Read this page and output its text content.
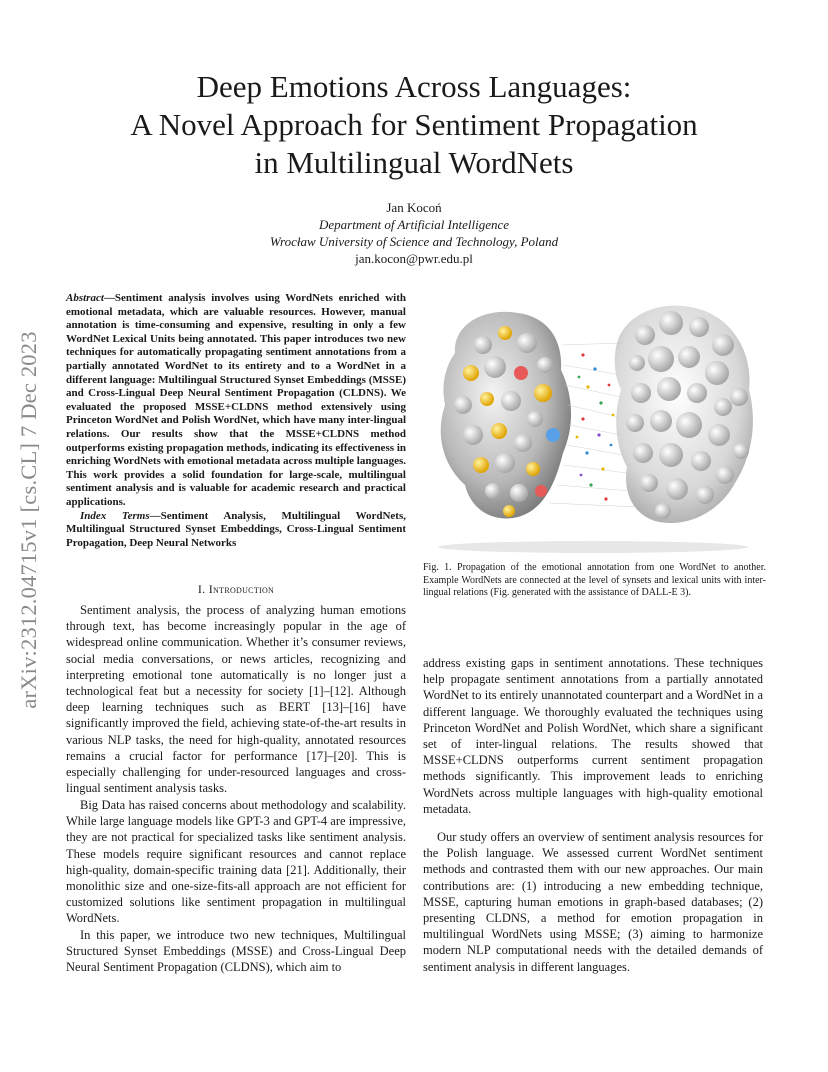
Deep Emotions Across Languages:
A Novel Approach for Sentiment Propagation
in Multilingual WordNets
Jan Kocoń
Department of Artificial Intelligence
Wrocław University of Science and Technology, Poland
jan.kocon@pwr.edu.pl
arXiv:2312.04715v1 [cs.CL] 7 Dec 2023
Abstract—Sentiment analysis involves using WordNets enriched with emotional metadata, which are valuable resources. However, manual annotation is time-consuming and expensive, resulting in only a few WordNet Lexical Units being annotated. This paper introduces two new techniques for automatically propagating sentiment annotations from a partially annotated WordNet to its entirety and to a WordNet in a different language: Multilingual Structured Synset Embeddings (MSSE) and Cross-Lingual Deep Neural Sentiment Propagation (CLDNS). We evaluated the proposed MSSE+CLDNS method extensively using Princeton WordNet and Polish WordNet, which have many inter-lingual relations. Our results show that the MSSE+CLDNS method outperforms existing propagation methods, indicating its effectiveness in enriching WordNets with emotional metadata across multiple languages. This work provides a solid foundation for large-scale, multilingual sentiment analysis and is valuable for academic research and practical applications.
Index Terms—Sentiment Analysis, Multilingual WordNets, Multilingual Structured Synset Embeddings, Cross-Lingual Sentiment Propagation, Deep Neural Networks
I. Introduction
Sentiment analysis, the process of analyzing human emotions through text, has become increasingly popular in the age of widespread online communication. Whether it’s consumer reviews, social media conversations, or news articles, recognizing and interpreting emotional tone automatically is no longer just a technological feat but a necessity for society [1]–[12]. Although deep learning techniques such as BERT [13]–[16] have significantly improved the field, achieving state-of-the-art results in various NLP tasks, the need for high-quality, annotated resources remains a crucial factor for performance [17]–[20]. This is especially challenging for under-resourced languages and cross-lingual sentiment analysis tasks.
Big Data has raised concerns about methodology and scalability. While large language models like GPT-3 and GPT-4 are impressive, they are not practical for specialized tasks like sentiment analysis. These models require significant resources and cannot replace high-quality, domain-specific training data [21]. Additionally, their monolithic size and one-size-fits-all approach are not efficient for customized solutions like sentiment propagation in multilingual WordNets.
In this paper, we introduce two new techniques, Multilingual Structured Synset Embeddings (MSSE) and Cross-Lingual Deep Neural Sentiment Propagation (CLDNS), which aim to
Fig. 1. Propagation of the emotional annotation from one WordNet to another. Example WordNets are connected at the level of synsets and lexical units with inter-lingual relations (Fig. generated with the assistance of DALL-E 3).
address existing gaps in sentiment annotations. These techniques help propagate sentiment annotations from a partially annotated WordNet to its entirely unannotated counterpart and a WordNet in a different language. We thoroughly evaluated the techniques using Princeton WordNet and Polish WordNet, which share a significant set of inter-lingual relations. The results showed that MSSE+CLDNS outperforms current sentiment propagation methods significantly. This improvement leads to enriching WordNets across multiple languages with high-quality emotional metadata.
Our study offers an overview of sentiment analysis resources for the Polish language. We assessed current WordNet sentiment methods and contrasted them with our new approaches. Our main contributions are: (1) introducing a new embedding technique, MSSE, capturing human emotions in graph-based databases; (2) presenting CLDNS, a method for emotion propagation in multilingual WordNets using MSSE; (3) aiming to harmonize modern NLP computational needs with the detailed demands of sentiment analysis in different languages.
